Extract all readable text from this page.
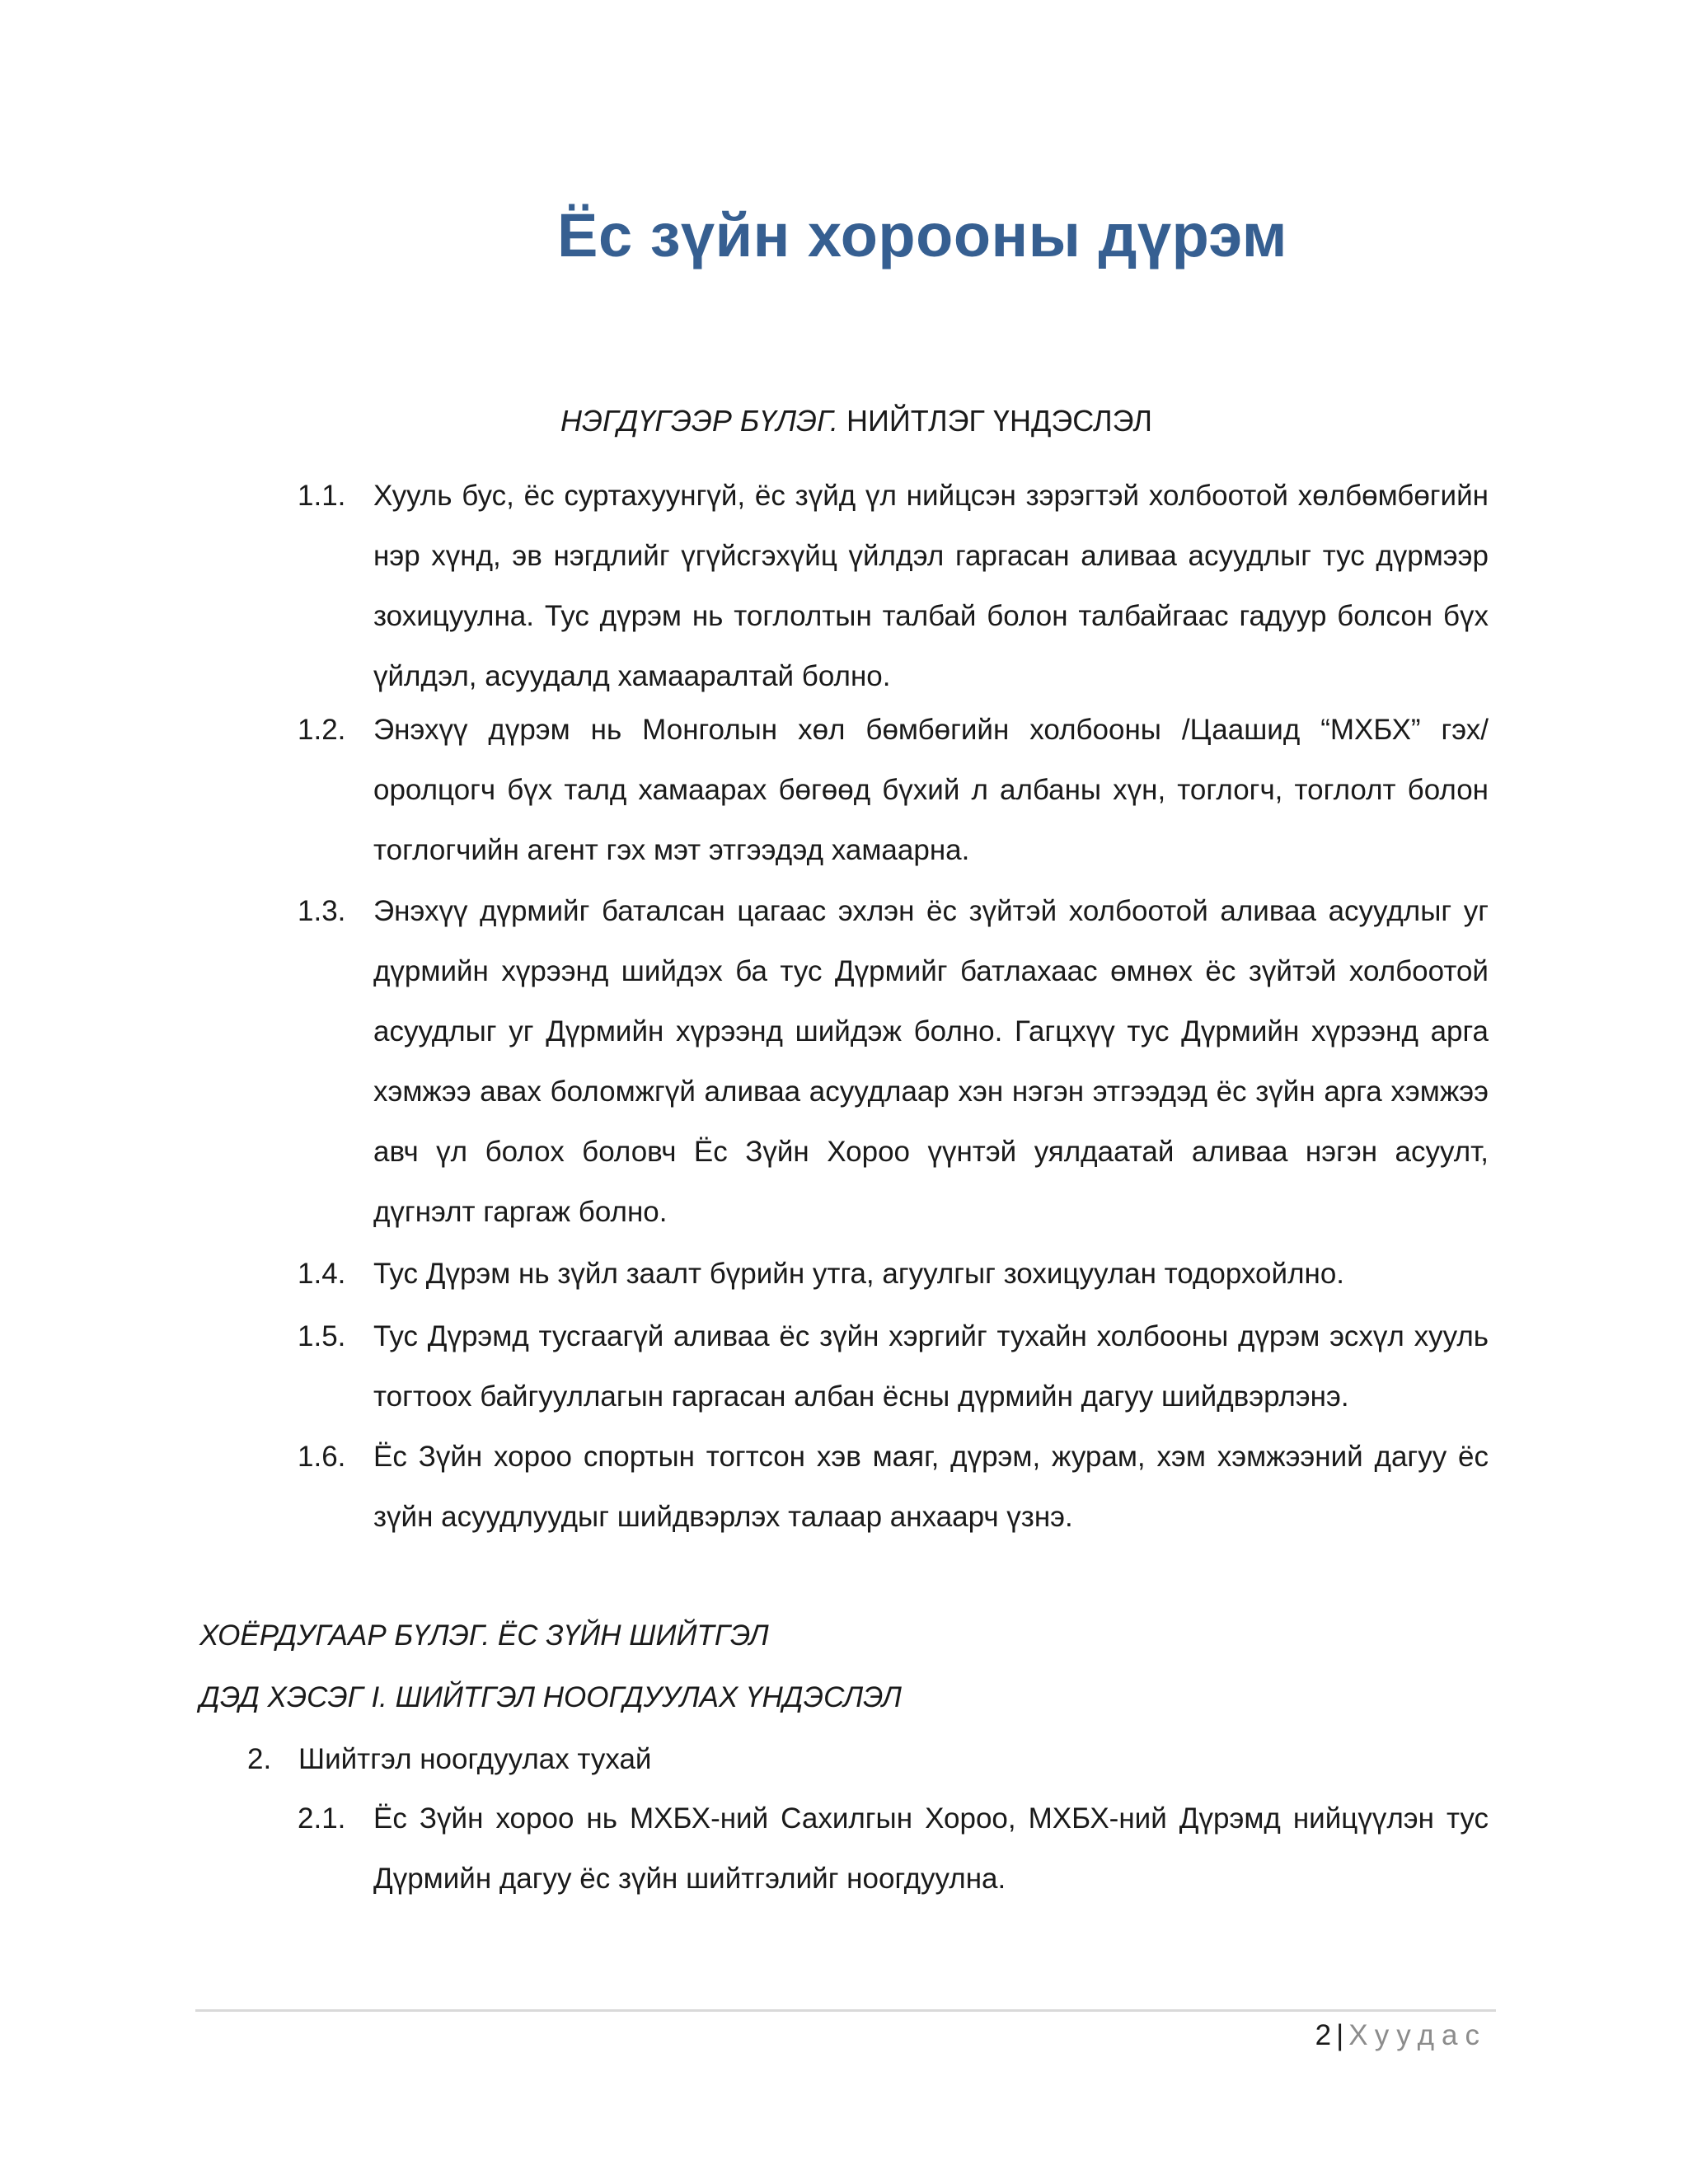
Ёс зүйн хорооны дүрэм
НЭГДҮГЭЭР БҮЛЭГ. НИЙТЛЭГ ҮНДЭСЛЭЛ
1.1. Хууль бус, ёс суртахуунгүй, ёс зүйд үл нийцсэн зэрэгтэй холбоотой хөлбөмбөгийн нэр хүнд, эв нэгдлийг үгүйсгэхүйц үйлдэл гаргасан аливаа асуудлыг тус дүрмээр зохицуулна. Тус дүрэм нь тоглолтын талбай болон талбайгаас гадуур болсон бүх үйлдэл, асуудалд хамааралтай болно.
1.2. Энэхүү дүрэм нь Монголын хөл бөмбөгийн холбооны /Цаашид “МХБХ” гэх/ оролцогч бүх талд хамаарах бөгөөд бүхий л албаны хүн, тоглогч, тоглолт болон тоглогчийн агент гэх мэт этгээдэд хамаарна.
1.3. Энэхүү дүрмийг баталсан цагаас эхлэн ёс зүйтэй холбоотой аливаа асуудлыг уг дүрмийн хүрээнд шийдэх ба тус Дүрмийг батлахаас өмнөх ёс зүйтэй холбоотой асуудлыг уг Дүрмийн хүрээнд шийдэж болно. Гагцхүү тус Дүрмийн хүрээнд арга хэмжээ авах боломжгүй аливаа асуудлаар хэн нэгэн этгээдэд ёс зүйн арга хэмжээ авч үл болох боловч Ёс Зүйн Хороо үүнтэй уялдаатай аливаа нэгэн асуулт, дүгнэлт гаргаж болно.
1.4. Тус Дүрэм нь зүйл заалт бүрийн утга, агуулгыг зохицуулан тодорхойлно.
1.5. Тус Дүрэмд тусгаагүй аливаа ёс зүйн хэргийг тухайн холбооны дүрэм эсхүл хууль тогтоох байгууллагын гаргасан албан ёсны дүрмийн дагуу шийдвэрлэнэ.
1.6. Ёс Зүйн хороо спортын тогтсон хэв маяг, дүрэм, журам, хэм хэмжээний дагуу ёс зүйн асуудлуудыг шийдвэрлэх талаар анхаарч үзнэ.
ХОЁРДУГААР БҮЛЭГ. ЁС ЗҮЙН ШИЙТГЭЛ
ДЭД ХЭСЭГ I. ШИЙТГЭЛ НООГДУУЛАХ ҮНДЭСЛЭЛ
2. Шийтгэл ноогдуулах тухай
2.1. Ёс Зүйн хороо нь МХБХ-ний Сахилгын Хороо, МХБХ-ний Дүрэмд нийцүүлэн тус Дүрмийн дагуу ёс зүйн шийтгэлийг ноогдуулна.
2 | Хуудас
